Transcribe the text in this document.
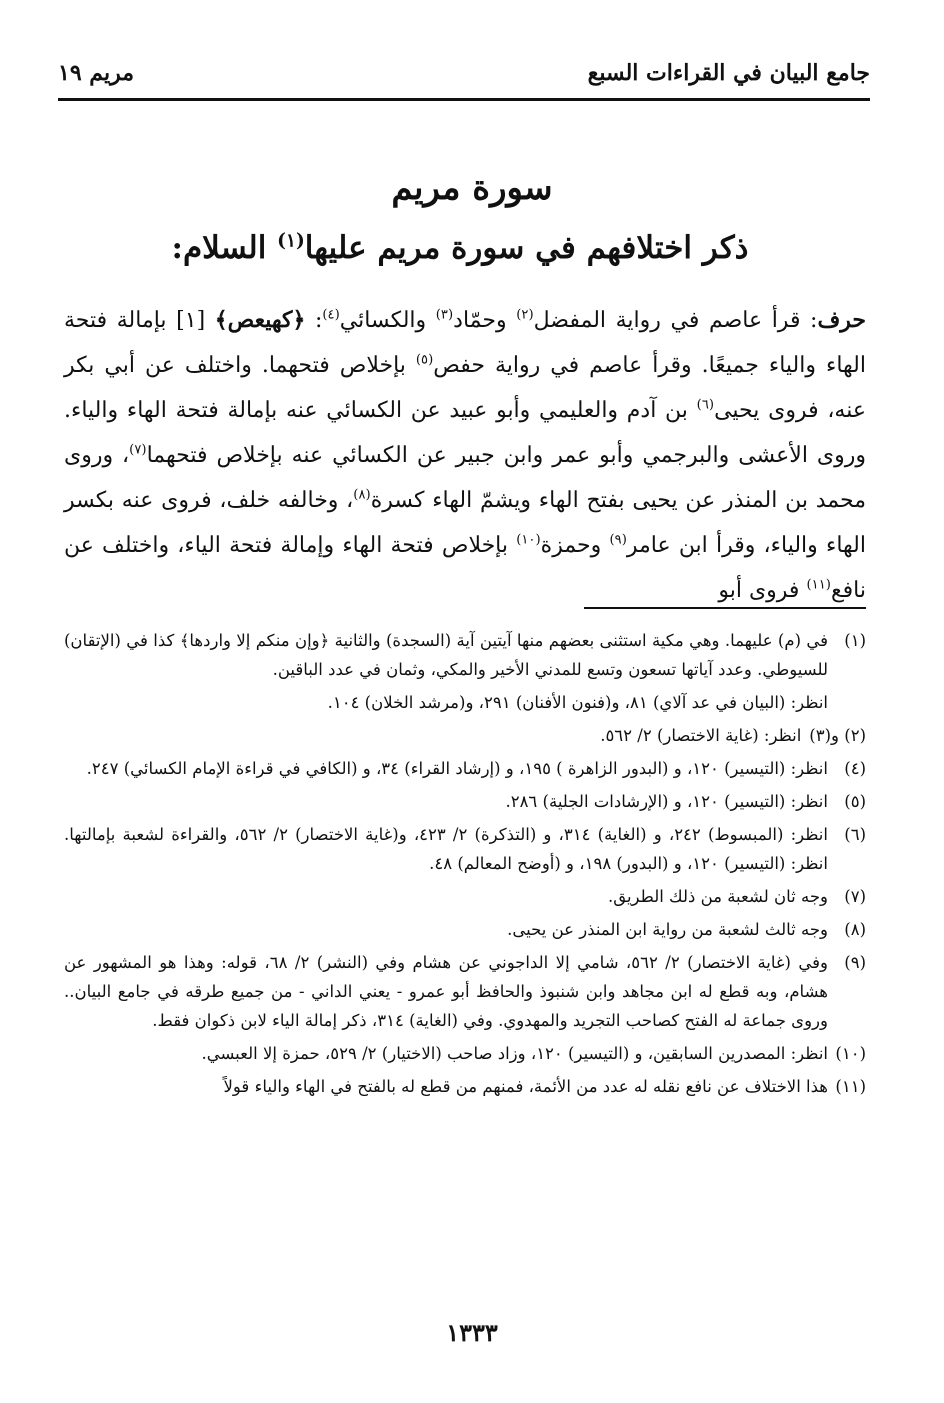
جامع البيان في القراءات السبع
مريم ١٩
سورة مريم
ذكر اختلافهم في سورة مريم عليها$^{(١)}$ السلام:
حرف: قرأ عاصم في رواية المفضل$^{(٢)}$ وحمّاد$^{(٣)}$ والكسائي$^{(٤)}$: ﴿كهيعص﴾ [١] بإمالة فتحة الهاء والياء جميعًا. وقرأ عاصم في رواية حفص$^{(٥)}$ بإخلاص فتحهما. واختلف عن أبي بكر عنه، فروى يحيى$^{(٦)}$ بن آدم والعليمي وأبو عبيد عن الكسائي عنه بإمالة فتحة الهاء والياء. وروى الأعشى والبرجمي وأبو عمر وابن جبير عن الكسائي عنه بإخلاص فتحهما$^{(٧)}$، وروى محمد بن المنذر عن يحيى بفتح الهاء ويشمّ الهاء كسرة$^{(٨)}$، وخالفه خلف، فروى عنه بكسر الهاء والياء، وقرأ ابن عامر$^{(٩)}$ وحمزة$^{(١٠)}$ بإخلاص فتحة الهاء وإمالة فتحة الياء، واختلف عن نافع$^{(١١)}$ فروى أبو

(١)في (م) عليهما. وهي مكية استثنى بعضهم منها آيتين آية (السجدة) والثانية ﴿وإن منكم إلا واردها﴾ كذا في (الإتقان) للسيوطي. وعدد آياتها تسعون وتسع للمدني الأخير والمكي، وثمان في عدد الباقين.

انظر: (البيان في عد آلاي) ٨١، و(فنون الأفنان) ٢٩١، و(مرشد الخلان) ١٠٤.

(٢) و(٣)انظر: (غاية الاختصار) ٢/ ٥٦٢.

(٤)انظر: (التيسير) ١٢٠، و (البدور الزاهرة ) ١٩٥، و (إرشاد القراء) ٣٤، و (الكافي في قراءة الإمام الكسائي) ٢٤٧.

(٥)انظر: (التيسير) ١٢٠، و (الإرشادات الجلية) ٢٨٦.

(٦)انظر: (المبسوط) ٢٤٢، و (الغاية) ٣١٤، و (التذكرة) ٢/ ٤٢٣، و(غاية الاختصار) ٢/ ٥٦٢، والقراءة لشعبة بإمالتها. انظر: (التيسير) ١٢٠، و (البدور) ١٩٨، و (أوضح المعالم) ٤٨.

(٧)وجه ثان لشعبة من ذلك الطريق.

(٨)وجه ثالث لشعبة من رواية ابن المنذر عن يحيى.

(٩)وفي (غاية الاختصار) ٢/ ٥٦٢، شامي إلا الداجوني عن هشام وفي (النشر) ٢/ ٦٨، قوله: وهذا هو المشهور عن هشام، وبه قطع له ابن مجاهد وابن شنبوذ والحافظ أبو عمرو - يعني الداني - من جميع طرقه في جامع البيان.. وروى جماعة له الفتح كصاحب التجريد والمهدوي. وفي (الغاية) ٣١٤، ذكر إمالة الياء لابن ذكوان فقط.

(١٠)انظر: المصدرين السابقين، و (التيسير) ١٢٠، وزاد صاحب (الاختيار) ٢/ ٥٢٩، حمزة إلا العبسي.

(١١)هذا الاختلاف عن نافع نقله له عدد من الأئمة، فمنهم من قطع له بالفتح في الهاء والياء قولاً

١٣٣٣
